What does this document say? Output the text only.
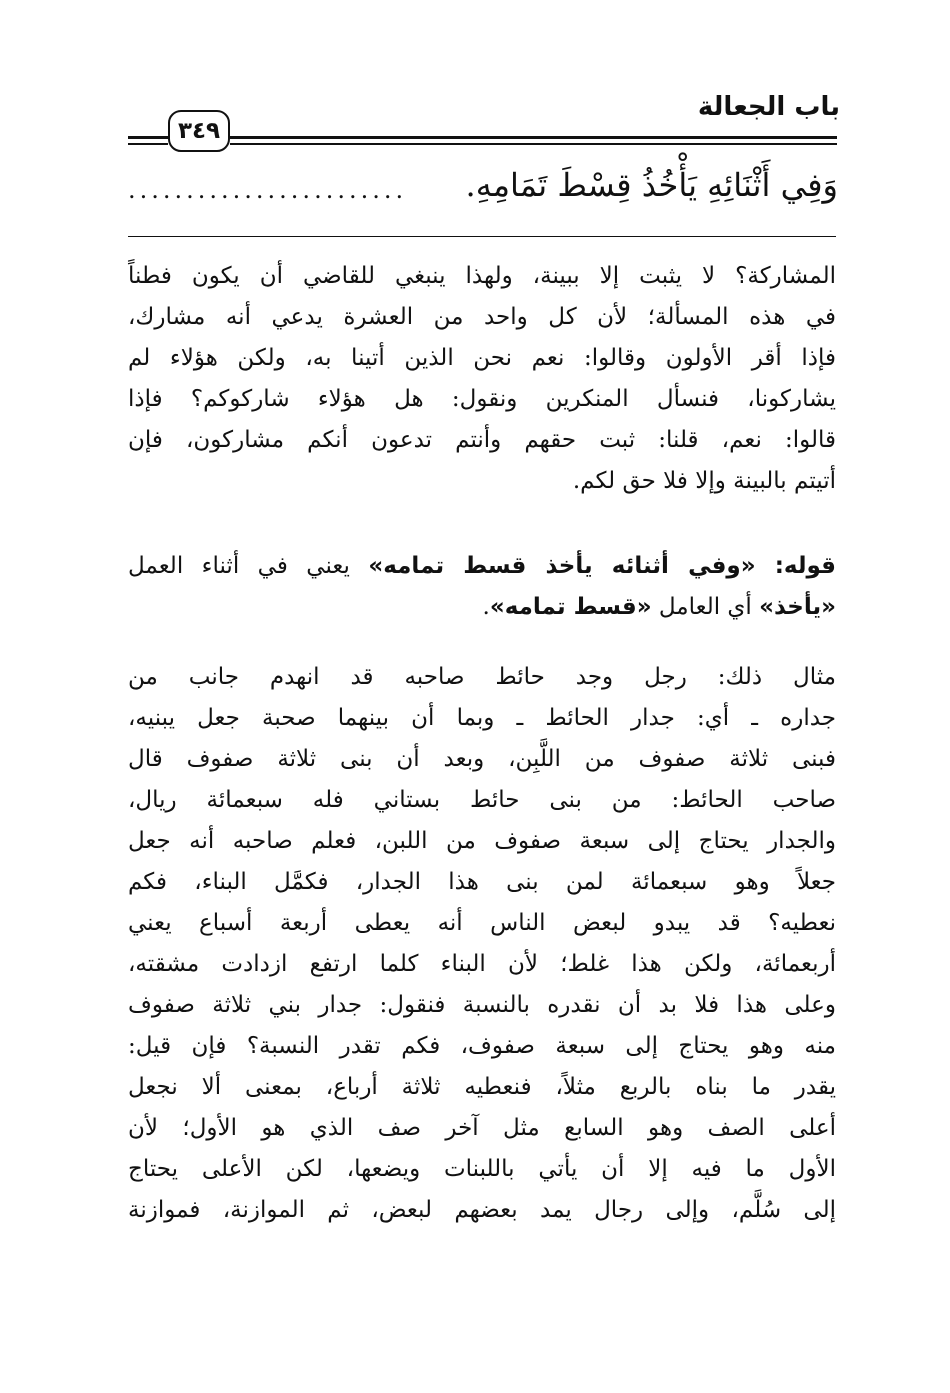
باب الجعالة
٣٤٩
وَفِي أَثْنَائِهِ يَأْخُذُ قِسْطَ تَمَامِهِ.
........................
المشاركة؟ لا يثبت إلا ببينة، ولهذا ينبغي للقاضي أن يكون فطناً
في هذه المسألة؛ لأن كل واحد من العشرة يدعي أنه مشارك،
فإذا أقر الأولون وقالوا: نعم نحن الذين أتينا به، ولكن هؤلاء لم
يشاركونا، فنسأل المنكرين ونقول: هل هؤلاء شاركوكم؟ فإذا
قالوا: نعم، قلنا: ثبت حقهم وأنتم تدعون أنكم مشاركون، فإن
أتيتم بالبينة وإلا فلا حق لكم.
قوله: «وفي أثنائه يأخذ قسط تمامه» يعني في أثناء العمل
«يأخذ» أي العامل «قسط تمامه».
مثال ذلك: رجل وجد حائط صاحبه قد انهدم جانب من
جداره ـ أي: جدار الحائط ـ وبما أن بينهما صحبة جعل يبنيه،
فبنى ثلاثة صفوف من اللَّبِن، وبعد أن بنى ثلاثة صفوف قال
صاحب الحائط: من بنى حائط بستاني فله سبعمائة ريال،
والجدار يحتاج إلى سبعة صفوف من اللبن، فعلم صاحبه أنه جعل
جعلاً وهو سبعمائة لمن بنى هذا الجدار، فكمَّل البناء، فكم
نعطيه؟ قد يبدو لبعض الناس أنه يعطى أربعة أسباع يعني
أربعمائة، ولكن هذا غلط؛ لأن البناء كلما ارتفع ازدادت مشقته،
وعلى هذا فلا بد أن نقدره بالنسبة فنقول: جدار بني ثلاثة صفوف
منه وهو يحتاج إلى سبعة صفوف، فكم تقدر النسبة؟ فإن قيل:
يقدر ما بناه بالربع مثلاً، فنعطيه ثلاثة أرباع، بمعنى ألا نجعل
أعلى الصف وهو السابع مثل آخر صف الذي هو الأول؛ لأن
الأول ما فيه إلا أن يأتي باللبنات ويضعها، لكن الأعلى يحتاج
إلى سُلَّم، وإلى رجال يمد بعضهم لبعض، ثم الموازنة، فموازنة
